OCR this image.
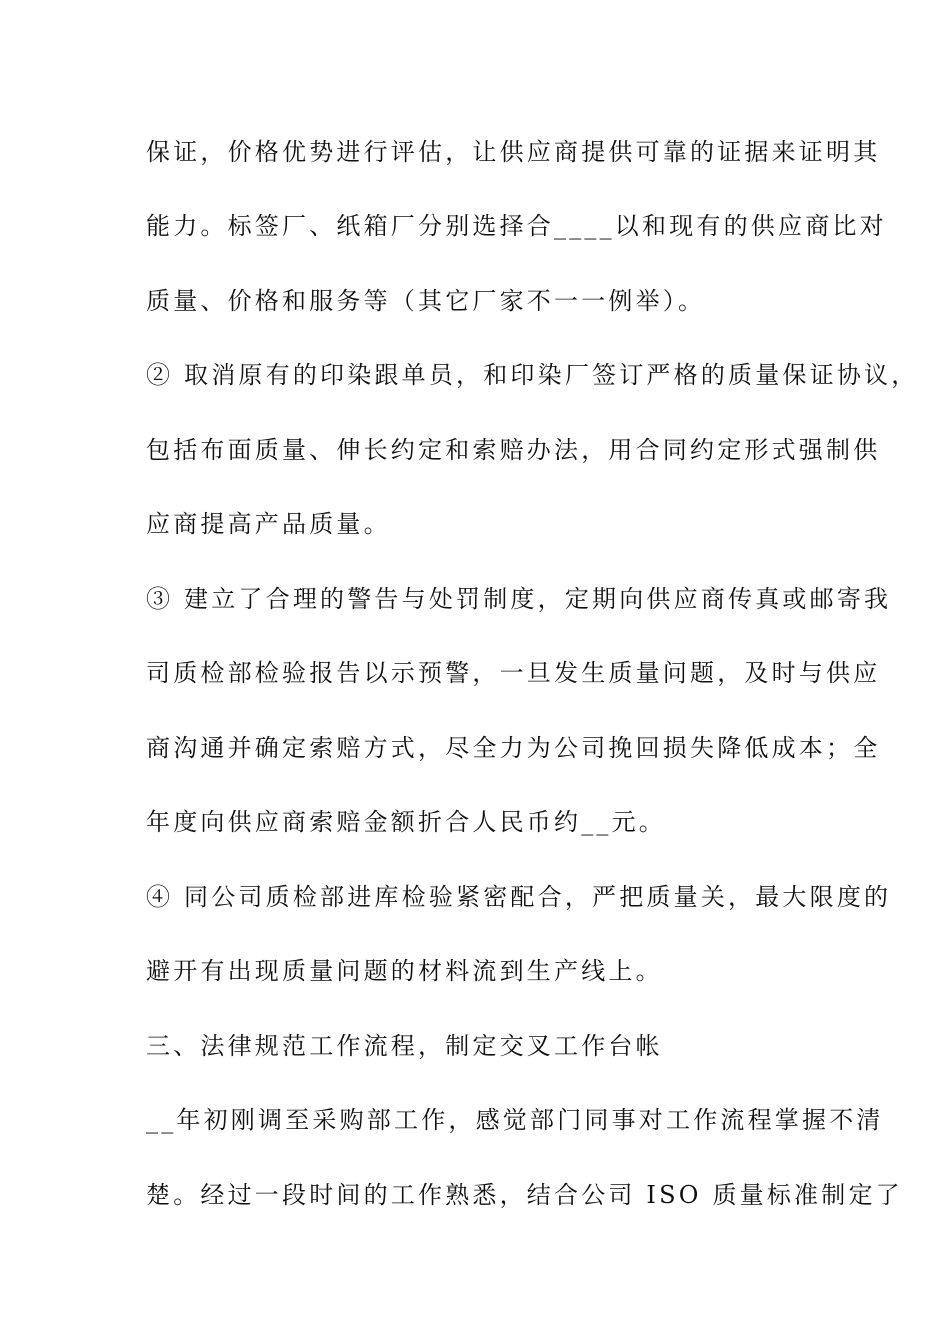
保证，价格优势进行评估，让供应商提供可靠的证据来证明其
能力。标签厂、纸箱厂分别选择合____以和现有的供应商比对
质量、价格和服务等（其它厂家不一一例举）。
② 取消原有的印染跟单员，和印染厂签订严格的质量保证协议，
包括布面质量、伸长约定和索赔办法，用合同约定形式强制供
应商提高产品质量。
③ 建立了合理的警告与处罚制度，定期向供应商传真或邮寄我
司质检部检验报告以示预警，一旦发生质量问题，及时与供应
商沟通并确定索赔方式，尽全力为公司挽回损失降低成本；全
年度向供应商索赔金额折合人民币约__元。
④ 同公司质检部进库检验紧密配合，严把质量关，最大限度的
避开有出现质量问题的材料流到生产线上。
三、法律规范工作流程，制定交叉工作台帐
__年初刚调至采购部工作，感觉部门同事对工作流程掌握不清
楚。经过一段时间的工作熟悉，结合公司 ISO 质量标准制定了
